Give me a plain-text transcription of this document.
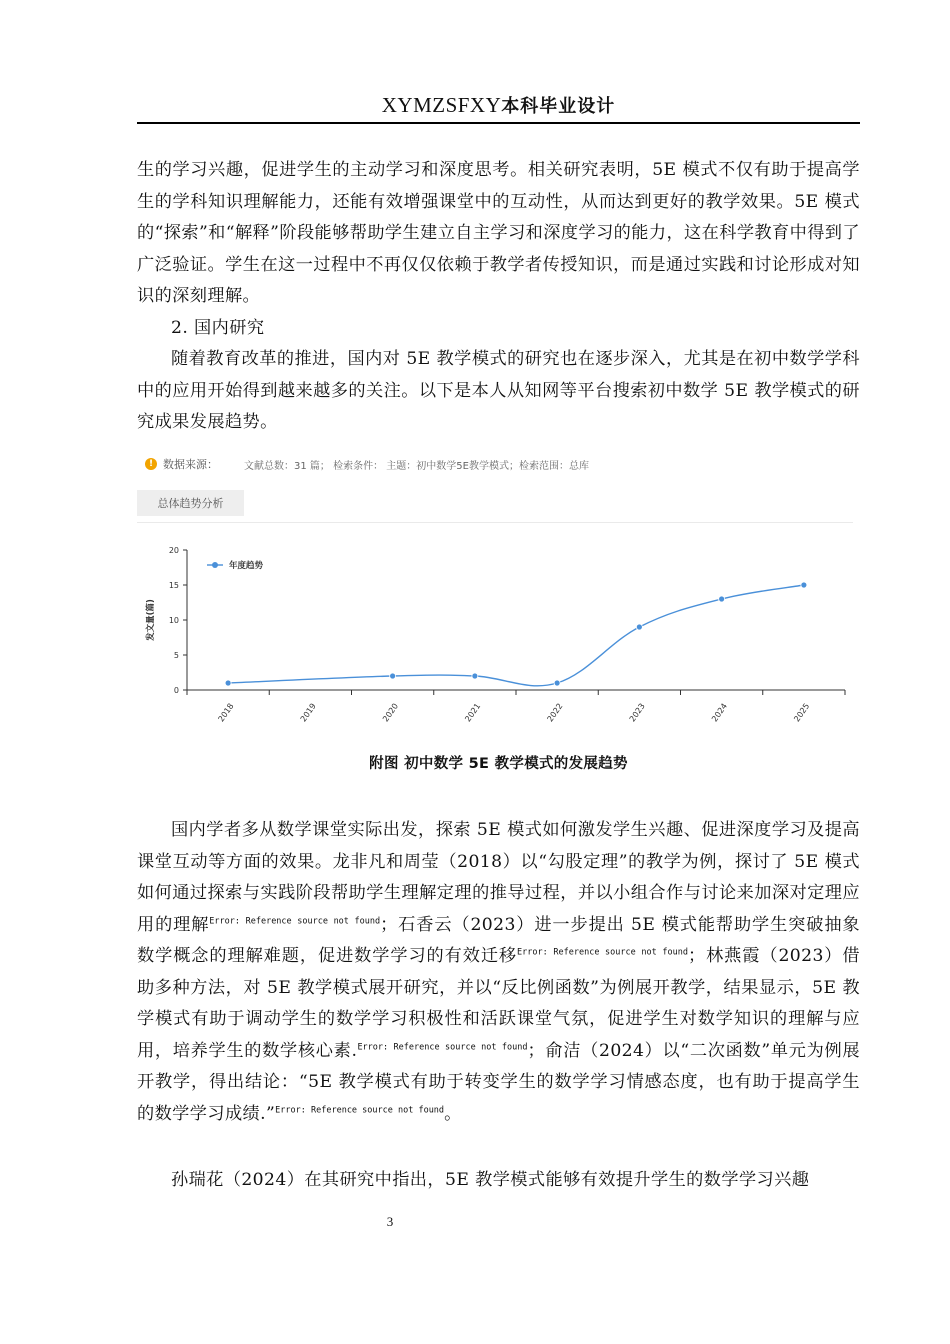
XYMZSFXY本科毕业设计

生的学习兴趣，促进学生的主动学习和深度思考。相关研究表明，5E 模式不仅有助于提高学生的学科知识理解能力，还能有效增强课堂中的互动性，从而达到更好的教学效果。5E 模式的“探索”和“解释”阶段能够帮助学生建立自主学习和深度学习的能力，这在科学教育中得到了广泛验证。学生在这一过程中不再仅仅依赖于教学者传授知识，而是通过实践和讨论形成对知识的深刻理解。

2. 国内研究

随着教育改革的推进，国内对 5E 教学模式的研究也在逐步深入，尤其是在初中数学学科中的应用开始得到越来越多的关注。以下是本人从知网等平台搜索初中数学 5E 教学模式的研究成果发展趋势。

! 数据来源：	文献总数：31 篇； 检索条件： 主题：初中数学5E教学模式；检索范围：总库
总体趋势分析
0
5
10
15
20
发文量(篇)
2018	2019	2020	2021	2022	2023	2024	2025
年度趋势
附图 初中数学 5E 教学模式的发展趋势

国内学者多从数学课堂实际出发，探索 5E 模式如何激发学生兴趣、促进深度学习及提高课堂互动等方面的效果。龙非凡和周莹（2018）以“勾股定理”的教学为例，探讨了 5E 模式如何通过探索与实践阶段帮助学生理解定理的推导过程，并以小组合作与讨论来加深对定理应用的理解$^{Error: Reference source not found}$；石香云（2023）进一步提出 5E 模式能帮助学生突破抽象数学概念的理解难题，促进数学学习的有效迁移$^{Error: Reference source not found}$；林燕霞（2023）借助多种方法，对 5E 教学模式展开研究，并以“反比例函数”为例展开教学，结果显示，5E 教学模式有助于调动学生的数学学习积极性和活跃课堂气氛，促进学生对数学知识的理解与应用，培养学生的数学核心素.$^{Error: Reference source not found}$；俞洁（2024）以“二次函数”单元为例展开教学，得出结论：“5E 教学模式有助于转变学生的数学学习情感态度，也有助于提高学生的数学学习成绩.”$^{Error: Reference source not found}$。

孙瑞花（2024）在其研究中指出，5E 教学模式能够有效提升学生的数学学习兴趣

3
